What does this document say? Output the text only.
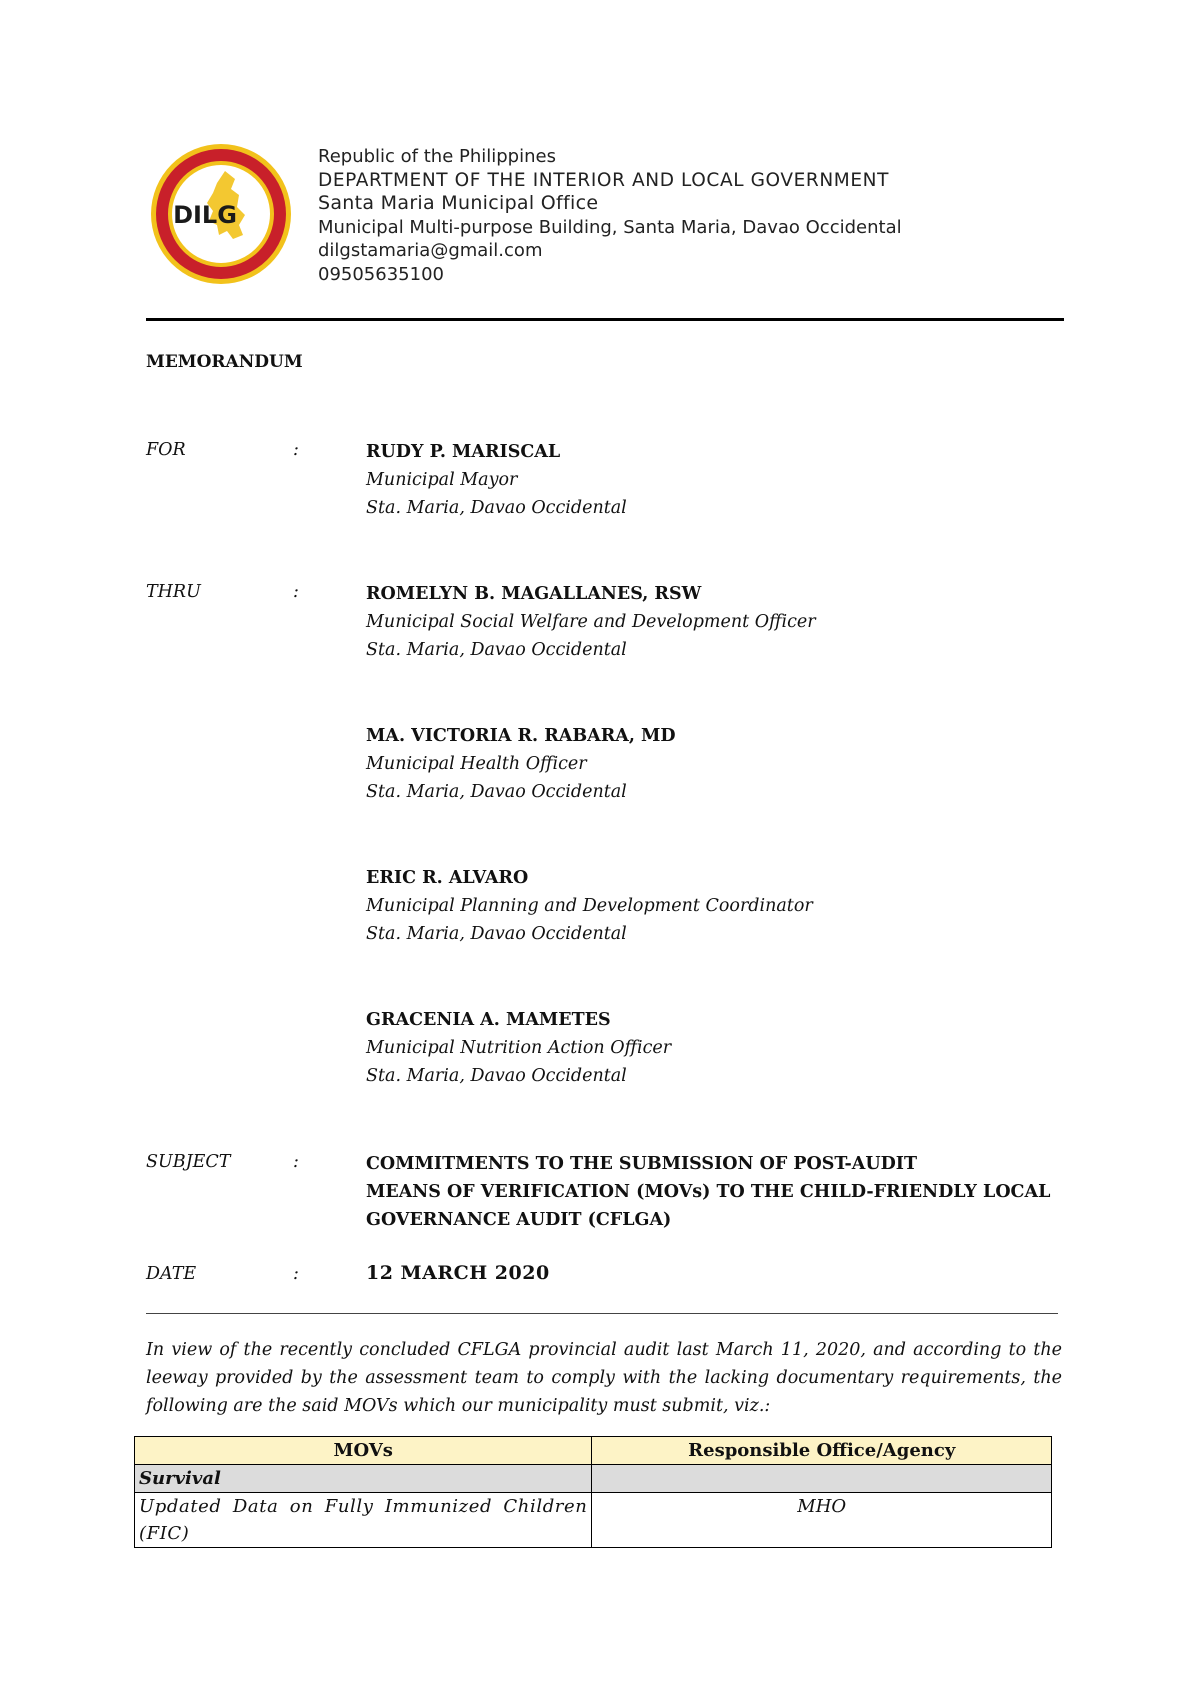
DILG
Republic of the Philippines
DEPARTMENT OF THE INTERIOR AND LOCAL GOVERNMENT
Santa Maria Municipal Office
Municipal Multi-purpose Building, Santa Maria, Davao Occidental
dilgstamaria@gmail.com
09505635100
MEMORANDUM
FOR	:	RUDY P. MARISCAL
Municipal Mayor
Sta. Maria, Davao Occidental
THRU	:	ROMELYN B. MAGALLANES, RSW
Municipal Social Welfare and Development Officer
Sta. Maria, Davao Occidental
MA. VICTORIA R. RABARA, MD
Municipal Health Officer
Sta. Maria, Davao Occidental
ERIC R. ALVARO
Municipal Planning and Development Coordinator
Sta. Maria, Davao Occidental
GRACENIA A. MAMETES
Municipal Nutrition Action Officer
Sta. Maria, Davao Occidental
SUBJECT	:	COMMITMENTS TO THE SUBMISSION OF POST-AUDIT
MEANS OF VERIFICATION (MOVs) TO THE CHILD-FRIENDLY LOCAL
GOVERNANCE AUDIT (CFLGA)
DATE	:	12 MARCH 2020
In view of the recently concluded CFLGA provincial audit last March 11, 2020, and according to the leeway provided by the assessment team to comply with the lacking documentary requirements, the following are the said MOVs which our municipality must submit, viz.:
MOVs	Responsible Office/Agency
Survival	
Updated Data on Fully Immunized Children (FIC)	MHO
